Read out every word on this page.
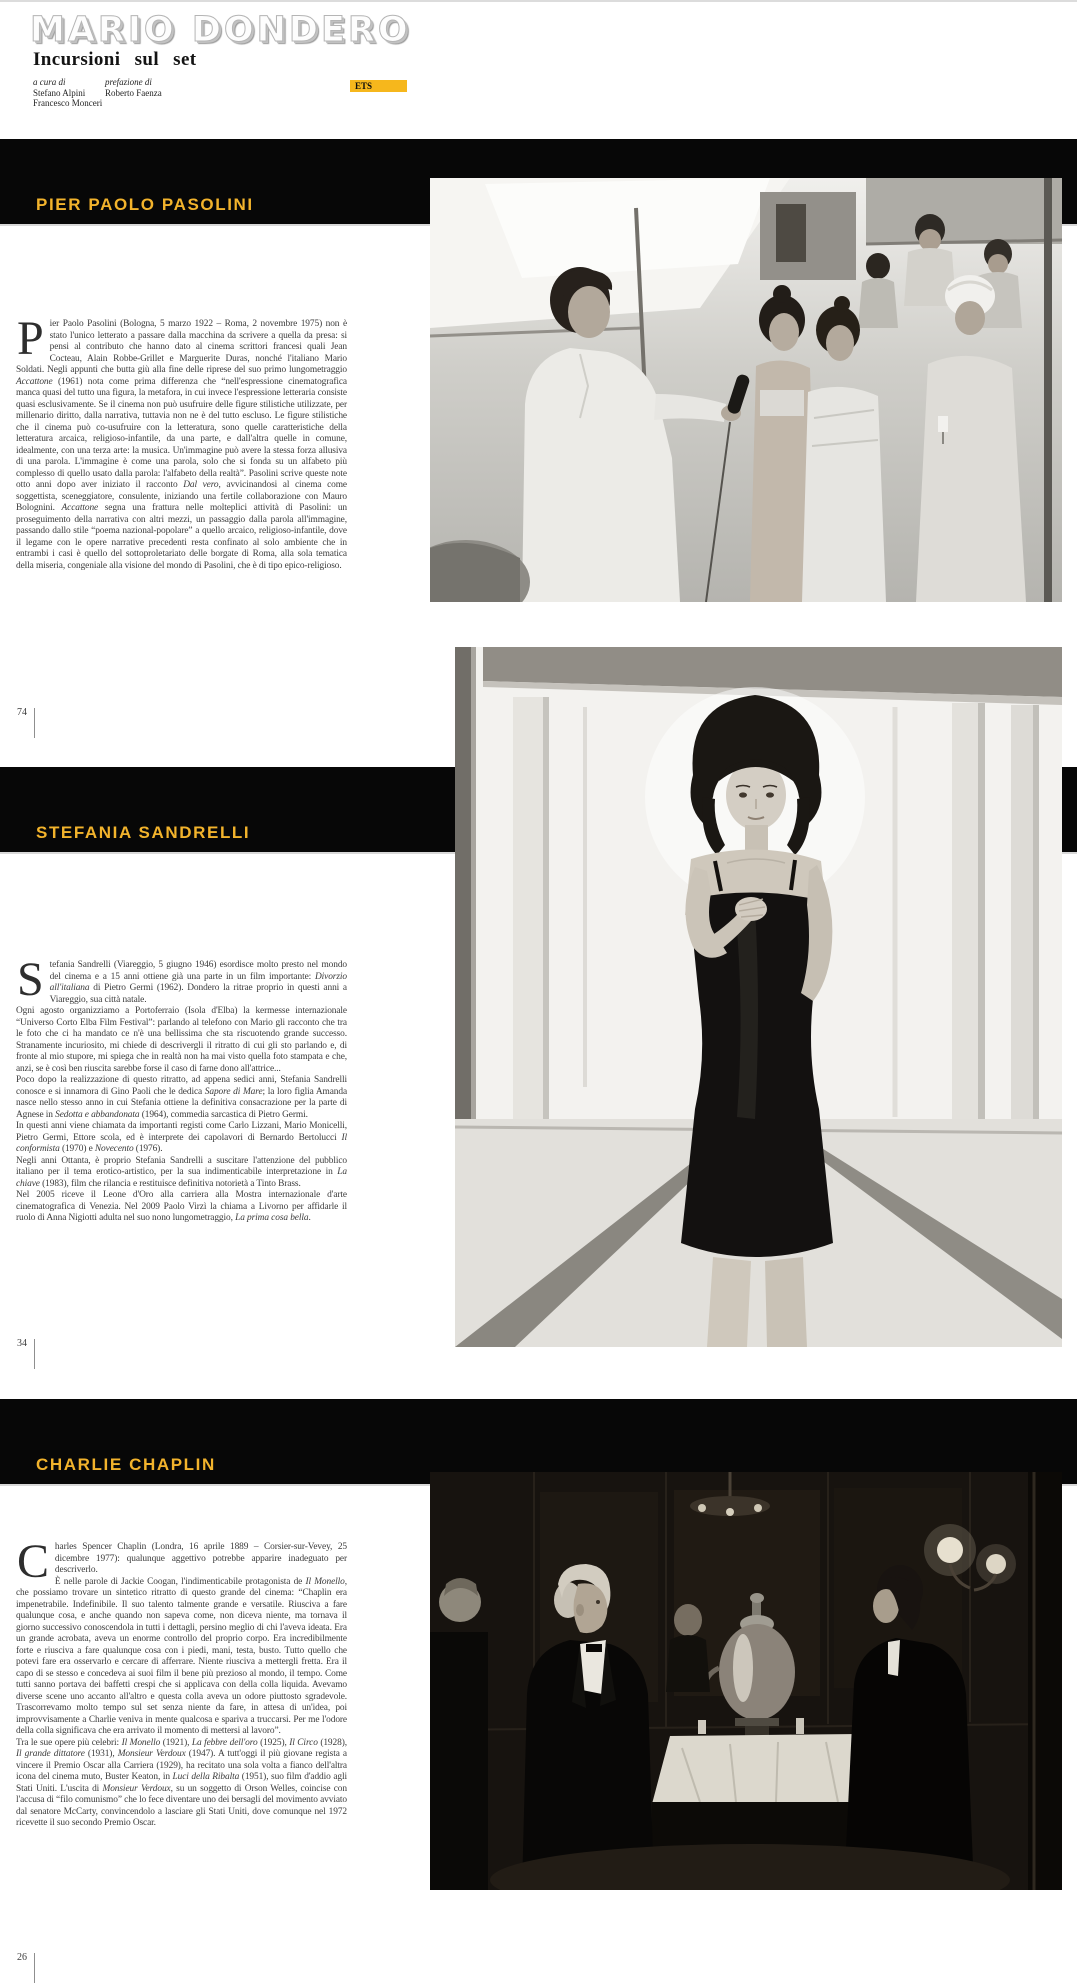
MARIO DONDERO
Incursioni sul set
a cura di
Stefano Alpini
Francesco Monceri
prefazione di
Roberto Faenza
ETS
PIER PAOLO PASOLINI
P ier Paolo Pasolini (Bologna, 5 marzo 1922 – Roma, 2 novembre 1975) non è stato l'unico letterato a passare dalla macchina da scrivere a quella da presa: si pensi al contributo che hanno dato al cinema scrittori francesi quali Jean Cocteau, Alain Robbe-Grillet e Marguerite Duras, nonché l'italiano Mario Soldati. Negli appunti che butta giù alla fine delle riprese del suo primo lungometraggio Accattone (1961) nota come prima differenza che “nell'espressione cinematografica manca quasi del tutto una figura, la metafora, in cui invece l'espressione letteraria consiste quasi esclusivamente. Se il cinema non può usufruire delle figure stilistiche utilizzate, per millenario diritto, dalla narrativa, tuttavia non ne è del tutto escluso. Le figure stilistiche che il cinema può co-usufruire con la letteratura, sono quelle caratteristiche della letteratura arcaica, religioso-infantile, da una parte, e dall'altra quelle in comune, idealmente, con una terza arte: la musica. Un'immagine può avere la stessa forza allusiva di una parola. L'immagine è come una parola, solo che si fonda su un alfabeto più complesso di quello usato dalla parola: l'alfabeto della realtà”. Pasolini scrive queste note otto anni dopo aver iniziato il racconto Dal vero, avvicinandosi al cinema come soggettista, sceneggiatore, consulente, iniziando una fertile collaborazione con Mauro Bolognini. Accattone segna una frattura nelle molteplici attività di Pasolini: un proseguimento della narrativa con altri mezzi, un passaggio dalla parola all'immagine, passando dallo stile “poema nazional-popolare” a quello arcaico, religioso-infantile, dove il legame con le opere narrative precedenti resta confinato al solo ambiente che in entrambi i casi è quello del sottoproletariato delle borgate di Roma, alla sola tematica della miseria, congeniale alla visione del mondo di Pasolini, che è di tipo epico-religioso.

74
STEFANIA SANDRELLI
S tefania Sandrelli (Viareggio, 5 giugno 1946) esordisce molto presto nel mondo del cinema e a 15 anni ottiene già una parte in un film importante: Divorzio all'italiana di Pietro Germi (1962). Dondero la ritrae proprio in questi anni a Viareggio, sua città natale.

Ogni agosto organizziamo a Portoferraio (Isola d'Elba) la kermesse internazionale “Universo Corto Elba Film Festival”: parlando al telefono con Mario gli racconto che tra le foto che ci ha mandato ce n'è una bellissima che sta riscuotendo grande successo. Stranamente incuriosito, mi chiede di descrivergli il ritratto di cui gli sto parlando e, di fronte al mio stupore, mi spiega che in realtà non ha mai visto quella foto stampata e che, anzi, se è così ben riuscita sarebbe forse il caso di farne dono all'attrice...

Poco dopo la realizzazione di questo ritratto, ad appena sedici anni, Stefania Sandrelli conosce e si innamora di Gino Paoli che le dedica Sapore di Mare; la loro figlia Amanda nasce nello stesso anno in cui Stefania ottiene la definitiva consacrazione per la parte di Agnese in Sedotta e abbandonata (1964), commedia sarcastica di Pietro Germi.

In questi anni viene chiamata da importanti registi come Carlo Lizzani, Mario Monicelli, Pietro Germi, Ettore scola, ed è interprete dei capolavori di Bernardo Bertolucci Il conformista (1970) e Novecento (1976).

Negli anni Ottanta, è proprio Stefania Sandrelli a suscitare l'attenzione del pubblico italiano per il tema erotico-artistico, per la sua indimenticabile interpretazione in La chiave (1983), film che rilancia e restituisce definitiva notorietà a Tinto Brass.

Nel 2005 riceve il Leone d'Oro alla carriera alla Mostra internazionale d'arte cinematografica di Venezia. Nel 2009 Paolo Virzì la chiama a Livorno per affidarle il ruolo di Anna Nigiotti adulta nel suo nono lungometraggio, La prima cosa bella.

34
CHARLIE CHAPLIN
C harles Spencer Chaplin (Londra, 16 aprile 1889 – Corsier-sur-Vevey, 25 dicembre 1977): qualunque aggettivo potrebbe apparire inadeguato per descriverlo.

È nelle parole di Jackie Coogan, l'indimenticabile protagonista de Il Monello, che possiamo trovare un sintetico ritratto di questo grande del cinema: “Chaplin era impenetrabile. Indefinibile. Il suo talento talmente grande e versatile. Riusciva a fare qualunque cosa, e anche quando non sapeva come, non diceva niente, ma tornava il giorno successivo conoscendola in tutti i dettagli, persino meglio di chi l'aveva ideata. Era un grande acrobata, aveva un enorme controllo del proprio corpo. Era incredibilmente forte e riusciva a fare qualunque cosa con i piedi, mani, testa, busto. Tutto quello che potevi fare era osservarlo e cercare di afferrare. Niente riusciva a mettergli fretta. Era il capo di se stesso e concedeva ai suoi film il bene più prezioso al mondo, il tempo. Come tutti sanno portava dei baffetti crespi che si applicava con della colla liquida. Avevamo diverse scene uno accanto all'altro e questa colla aveva un odore piuttosto sgradevole. Trascorrevamo molto tempo sul set senza niente da fare, in attesa di un'idea, poi improvvisamente a Charlie veniva in mente qualcosa e spariva a truccarsi. Per me l'odore della colla significava che era arrivato il momento di mettersi al lavoro”.

Tra le sue opere più celebri: Il Monello (1921), La febbre dell'oro (1925), Il Circo (1928), Il grande dittatore (1931), Monsieur Verdoux (1947). A tutt'oggi il più giovane regista a vincere il Premio Oscar alla Carriera (1929), ha recitato una sola volta a fianco dell'altra icona del cinema muto, Buster Keaton, in Luci della Ribalta (1951), suo film d'addio agli Stati Uniti. L'uscita di Monsieur Verdoux, su un soggetto di Orson Welles, coincise con l'accusa di “filo comunismo” che lo fece diventare uno dei bersagli del movimento avviato dal senatore McCarty, convincendolo a lasciare gli Stati Uniti, dove comunque nel 1972 ricevette il suo secondo Premio Oscar.

26
